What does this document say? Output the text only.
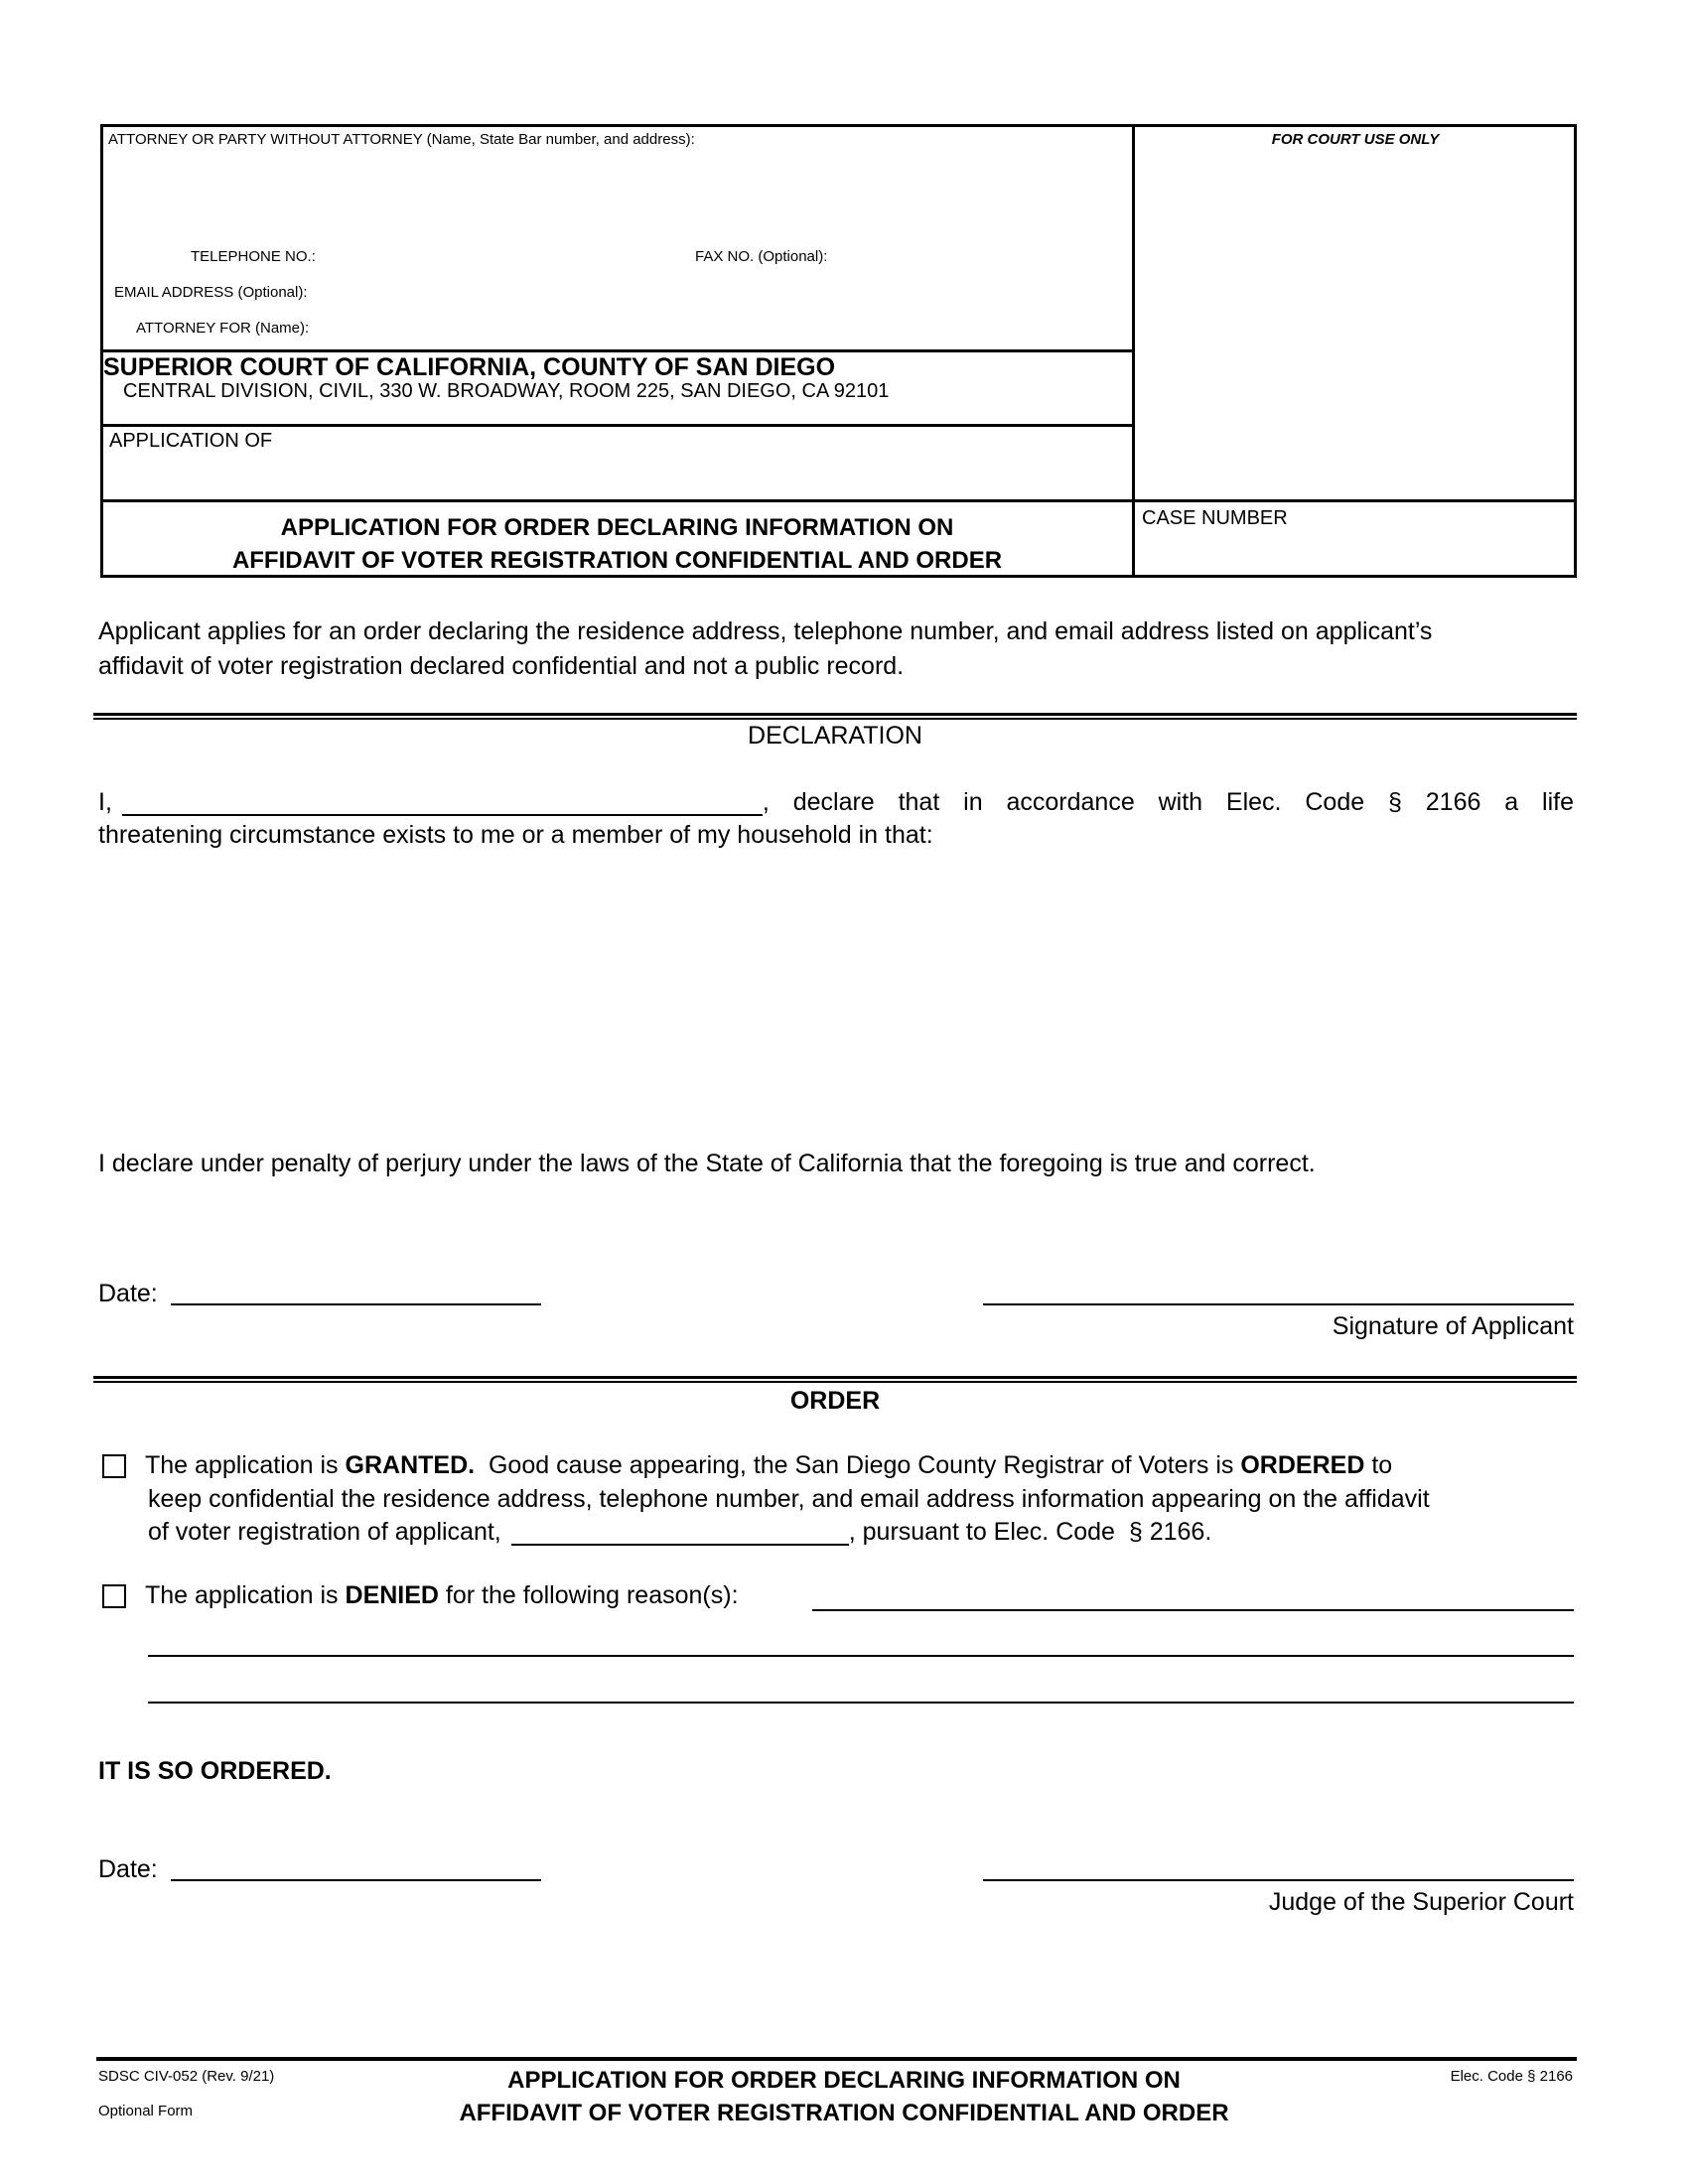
ATTORNEY OR PARTY WITHOUT ATTORNEY (Name, State Bar number, and address):	FOR COURT USE ONLY
TELEPHONE NO.:	FAX NO. (Optional):
EMAIL ADDRESS (Optional):
ATTORNEY FOR (Name):
SUPERIOR COURT OF CALIFORNIA, COUNTY OF SAN DIEGO
CENTRAL DIVISION, CIVIL, 330 W. BROADWAY, ROOM 225, SAN DIEGO, CA 92101
APPLICATION OF
APPLICATION FOR ORDER DECLARING INFORMATION ON
AFFIDAVIT OF VOTER REGISTRATION CONFIDENTIAL AND ORDER
CASE NUMBER
Applicant applies for an order declaring the residence address, telephone number, and email address listed on applicant’s
affidavit of voter registration declared confidential and not a public record.
DECLARATION
I,	, declare that in accordance with Elec. Code § 2166 a life
threatening circumstance exists to me or a member of my household in that:
I declare under penalty of perjury under the laws of the State of California that the foregoing is true and correct.
Date:
Signature of Applicant
ORDER
The application is GRANTED.  Good cause appearing, the San Diego County Registrar of Voters is ORDERED to
keep confidential the residence address, telephone number, and email address information appearing on the affidavit
of voter registration of applicant,	, pursuant to Elec. Code  § 2166.
The application is DENIED for the following reason(s):
IT IS SO ORDERED.
Date:
Judge of the Superior Court
SDSC CIV-052 (Rev. 9/21)
Optional Form
APPLICATION FOR ORDER DECLARING INFORMATION ON
AFFIDAVIT OF VOTER REGISTRATION CONFIDENTIAL AND ORDER
Elec. Code § 2166
